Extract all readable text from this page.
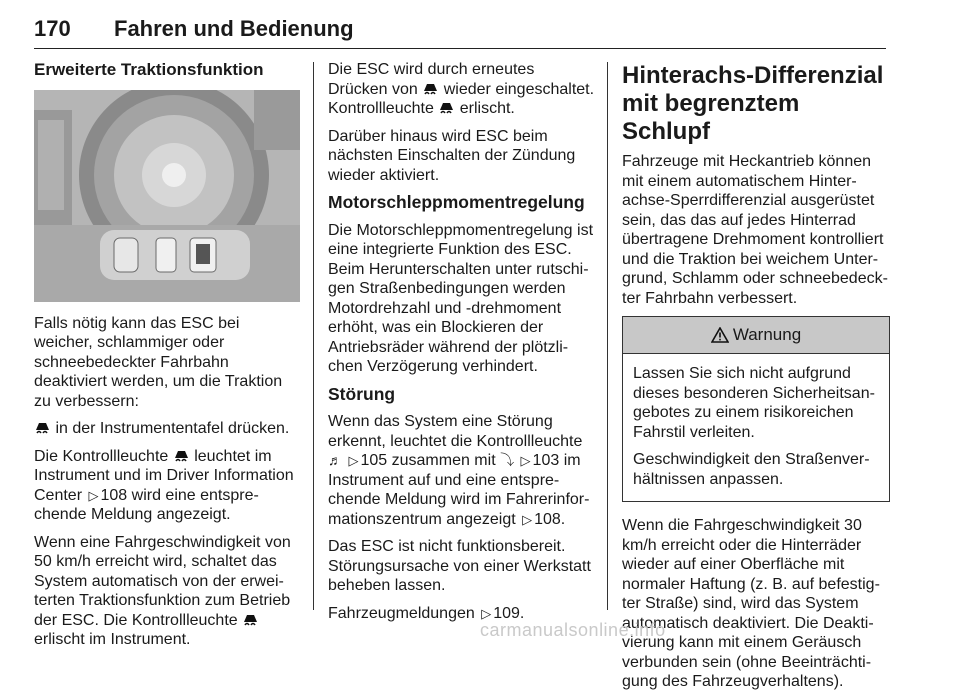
170 Fahren und Bedienung
Erweiterte Traktionsfunktion

Falls nötig kann das ESC bei weicher, schlammiger oder schneebedeckter Fahrbahn deaktiviert werden, um die Traktion zu verbessern:

in der Instrumententafel drücken.

Die Kontrollleuchte leuchtet im Instrument und im Driver Information Center ▷ 108 wird eine entsprechende Meldung angezeigt.

Wenn eine Fahrgeschwindigkeit von 50 km/h erreicht wird, schaltet das System automatisch von der erweiterten Traktionsfunktion zum Betrieb der ESC. Die Kontrollleuchte  erlischt im Instrument.

Die ESC wird durch erneutes Drücken von wieder eingeschaltet. Kontrollleuchte erlischt.

Darüber hinaus wird ESC beim nächsten Einschalten der Zündung wieder aktiviert.

Motorschleppmomentregelung

Die Motorschleppmomentregelung ist eine integrierte Funktion des ESC. Beim Herunterschalten unter rutschigen Straßenbedingungen werden Motordrehzahl und -drehmoment erhöht, was ein Blockieren der Antriebsräder während der plötzlichen Verzögerung verhindert.

Störung

Wenn das System eine Störung erkennt, leuchtet die Kontrollleuchte ♬ ▷ 105 zusammen mit ⤵ ▷ 103 im Instrument auf und eine entsprechende Meldung wird im Fahrerinformationszentrum angezeigt ▷ 108.

Das ESC ist nicht funktionsbereit. Störungsursache von einer Werkstatt beheben lassen.

Fahrzeugmeldungen ▷ 109.

Hinterachs-Differenzial mit begrenztem Schlupf

Fahrzeuge mit Heckantrieb können mit einem automatischem Hinterachse-Sperrdifferenzial ausgerüstet sein, das das auf jedes Hinterrad übertragene Drehmoment kontrolliert und die Traktion bei weichem Untergrund, Schlamm oder schneebedeckter Fahrbahn verbessert.

Warnung

Lassen Sie sich nicht aufgrund dieses besonderen Sicherheitsangebotes zu einem risikoreichen Fahrstil verleiten.

Geschwindigkeit den Straßenverhältnissen anpassen.

Wenn die Fahrgeschwindigkeit 30 km/h erreicht oder die Hinterräder wieder auf einer Oberfläche mit normaler Haftung (z. B. auf befestigter Straße) sind, wird das System automatisch deaktiviert. Die Deaktivierung kann mit einem Geräusch verbunden sein (ohne Beeinträchtigung des Fahrzeugverhaltens).

carmanualsonline.info
